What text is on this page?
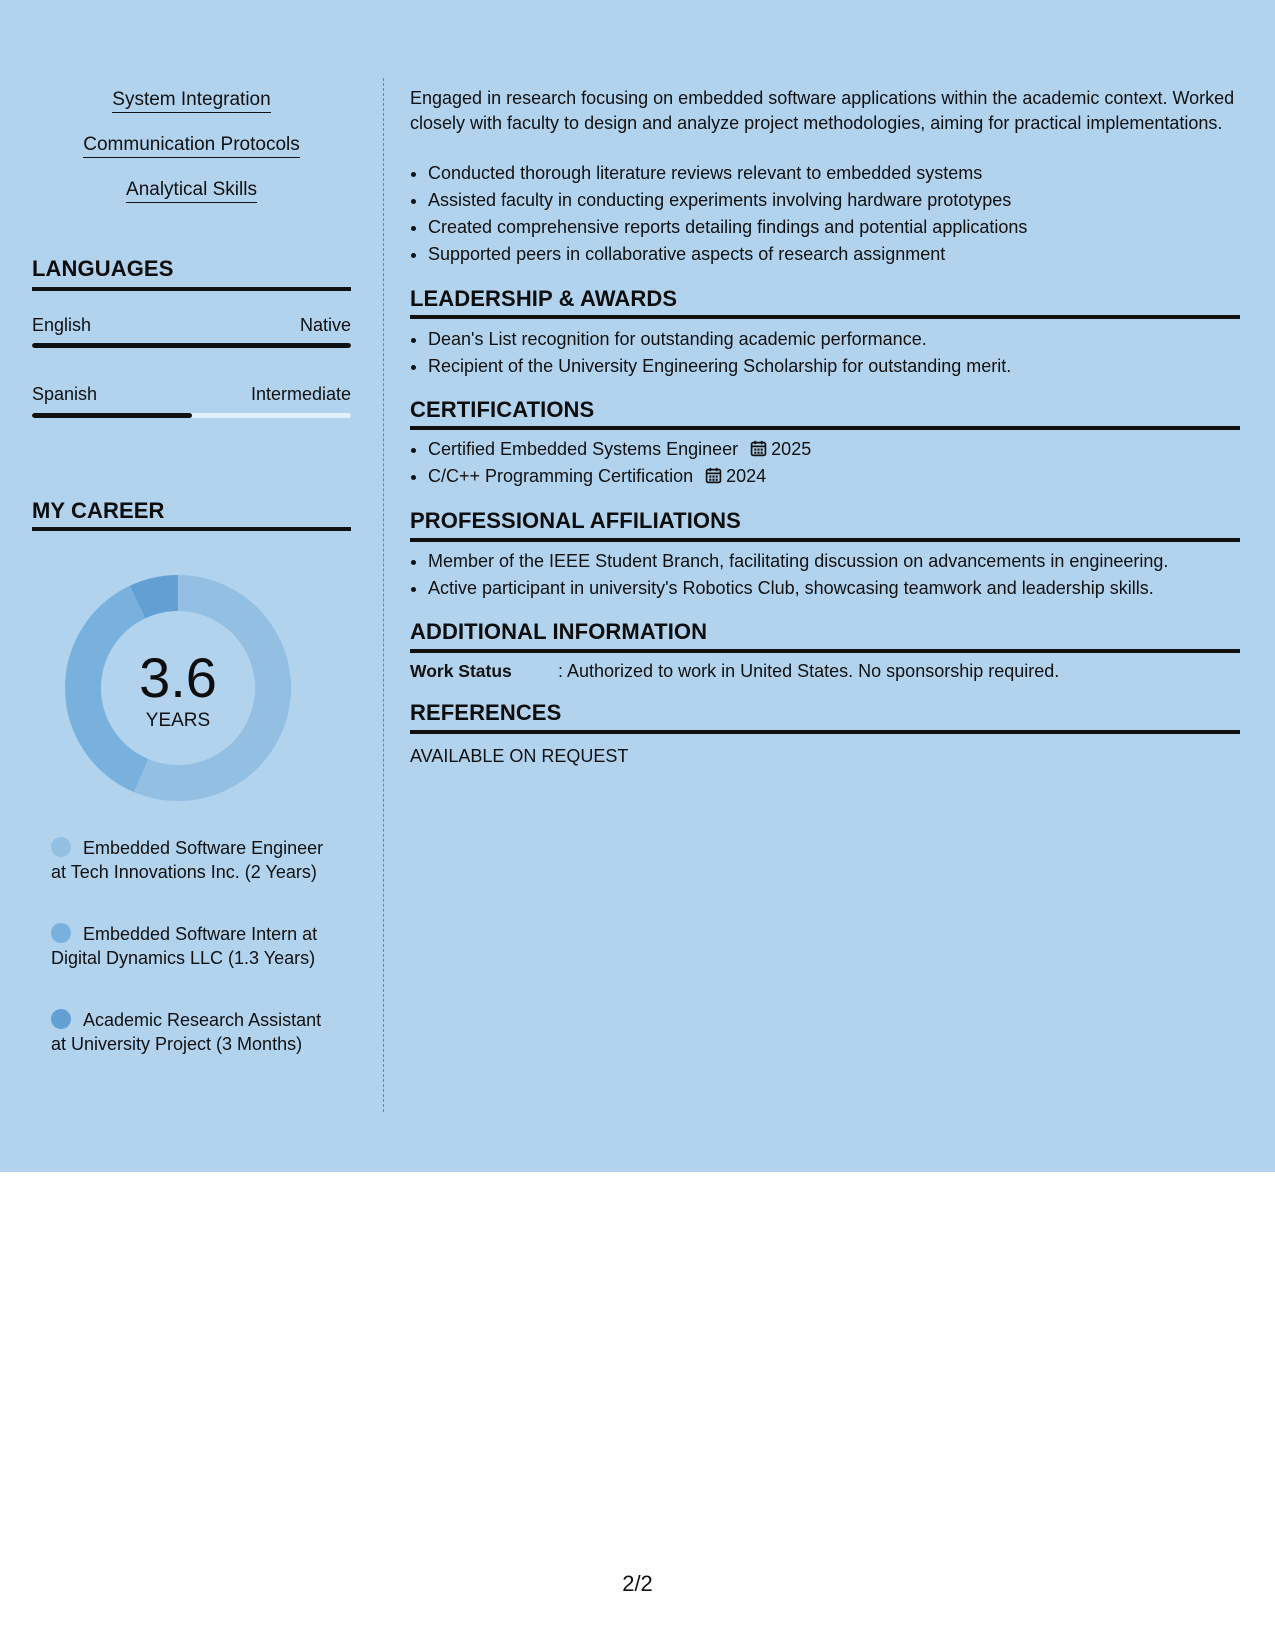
System Integration
Communication Protocols
Analytical Skills
LANGUAGES
English	Native
Spanish	Intermediate
MY CAREER
3.6
YEARS
Embedded Software Engineer at Tech Innovations Inc. (2 Years)
Embedded Software Intern at Digital Dynamics LLC (1.3 Years)
Academic Research Assistant at University Project (3 Months)
Engaged in research focusing on embedded software applications within the academic context. Worked closely with faculty to design and analyze project methodologies, aiming for practical implementations.
• Conducted thorough literature reviews relevant to embedded systems
• Assisted faculty in conducting experiments involving hardware prototypes
• Created comprehensive reports detailing findings and potential applications
• Supported peers in collaborative aspects of research assignment
LEADERSHIP & AWARDS
• Dean's List recognition for outstanding academic performance.
• Recipient of the University Engineering Scholarship for outstanding merit.
CERTIFICATIONS
• Certified Embedded Systems Engineer 2025
• C/C++ Programming Certification 2024
PROFESSIONAL AFFILIATIONS
• Member of the IEEE Student Branch, facilitating discussion on advancements in engineering.
• Active participant in university's Robotics Club, showcasing teamwork and leadership skills.
ADDITIONAL INFORMATION
Work Status	: Authorized to work in United States. No sponsorship required.
REFERENCES
AVAILABLE ON REQUEST
2/2
